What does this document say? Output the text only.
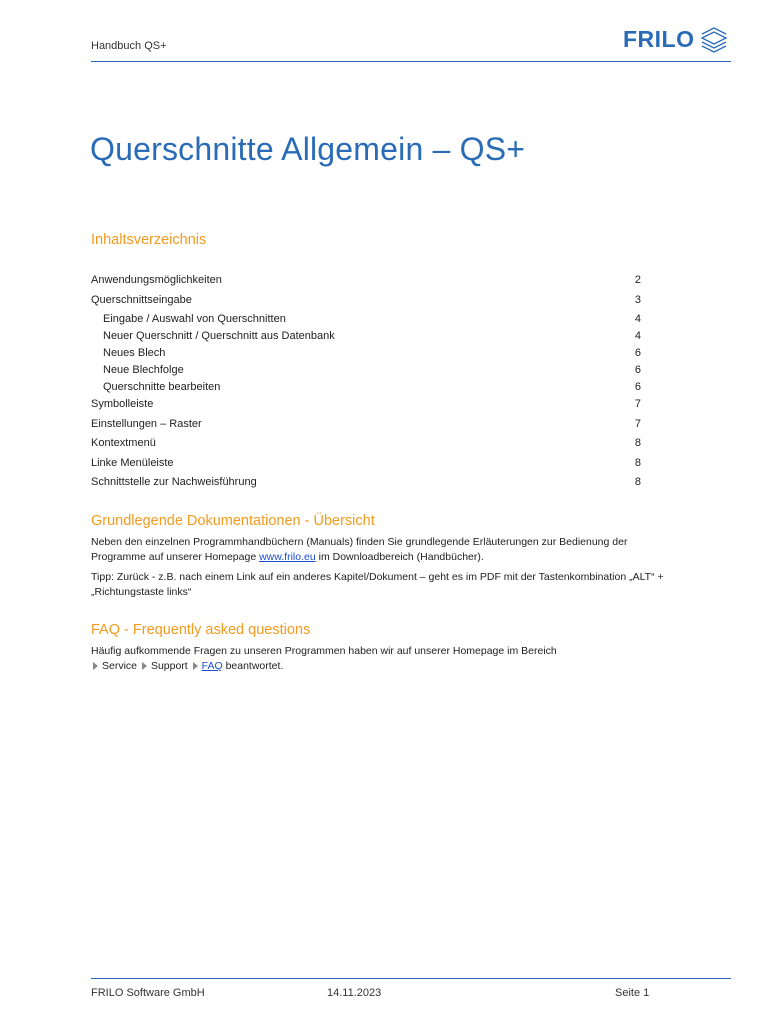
Handbuch QS+	FRILO
Querschnitte Allgemein – QS+
Inhaltsverzeichnis
Anwendungsmöglichkeiten	2
Querschnittseingabe	3
Eingabe / Auswahl von Querschnitten	4
Neuer Querschnitt / Querschnitt aus Datenbank	4
Neues Blech	6
Neue Blechfolge	6
Querschnitte bearbeiten	6
Symbolleiste	7
Einstellungen – Raster	7
Kontextmenü	8
Linke Menüleiste	8
Schnittstelle zur Nachweisführung	8
Grundlegende Dokumentationen - Übersicht

Neben den einzelnen Programmhandbüchern (Manuals) finden Sie grundlegende Erläuterungen zur Bedienung der Programme auf unserer Homepage www.frilo.eu im Downloadbereich (Handbücher).

Tipp: Zurück - z.B. nach einem Link auf ein anderes Kapitel/Dokument – geht es im PDF mit der Tastenkombination „ALT“ + „Richtungstaste links“

FAQ - Frequently asked questions

Häufig aufkommende Fragen zu unseren Programmen haben wir auf unserer Homepage im Bereich
Service Support FAQ beantwortet.

FRILO Software GmbH	14.11.2023	Seite 1
